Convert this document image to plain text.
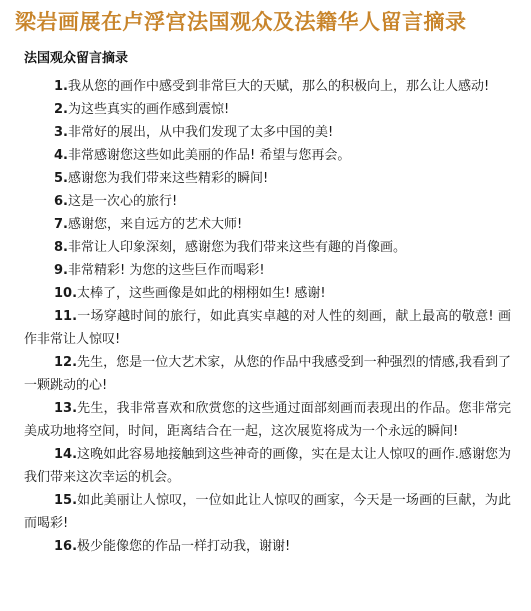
梁岩画展在卢浮宫法国观众及法籍华人留言摘录
法国观众留言摘录
1.我从您的画作中感受到非常巨大的天赋，那么的积极向上，那么让人感动!
2.为这些真实的画作感到震惊!
3.非常好的展出，从中我们发现了太多中国的美!
4.非常感谢您这些如此美丽的作品! 希望与您再会。
5.感谢您为我们带来这些精彩的瞬间!
6.这是一次心的旅行!
7.感谢您，来自远方的艺术大师!
8.非常让人印象深刻，感谢您为我们带来这些有趣的肖像画。
9.非常精彩! 为您的这些巨作而喝彩!
10.太棒了，这些画像是如此的栩栩如生! 感谢!
11.一场穿越时间的旅行，如此真实卓越的对人性的刻画，献上最高的敬意! 画作非常让人惊叹!
12.先生，您是一位大艺术家，从您的作品中我感受到一种强烈的情感,我看到了一颗跳动的心!
13.先生，我非常喜欢和欣赏您的这些通过面部刻画而表现出的作品。您非常完美成功地将空间，时间，距离结合在一起，这次展览将成为一个永远的瞬间!
14.这晚如此容易地接触到这些神奇的画像，实在是太让人惊叹的画作.感谢您为我们带来这次幸运的机会。
15.如此美丽让人惊叹，一位如此让人惊叹的画家，今天是一场画的巨献，为此而喝彩!
16.极少能像您的作品一样打动我，谢谢!
